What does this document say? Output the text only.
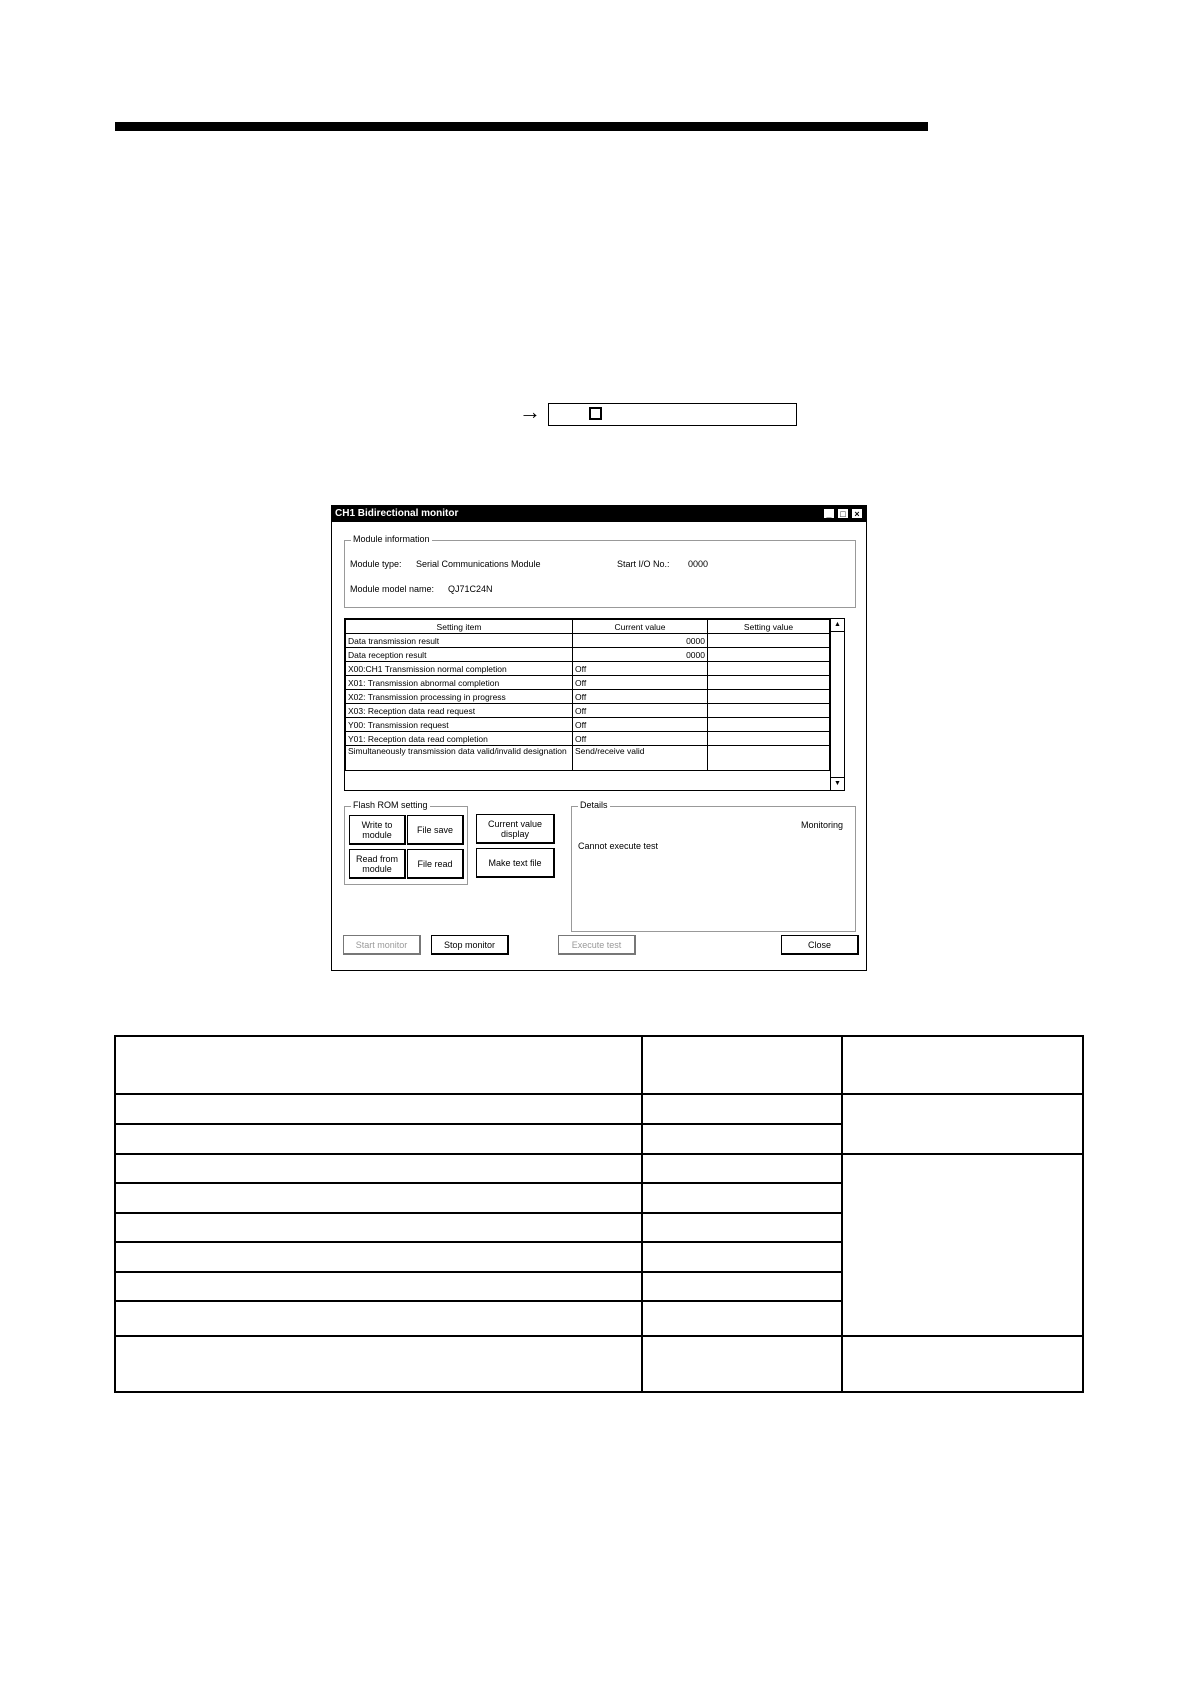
→
CH1 Bidirectional monitor	_ □ ×
Module information
Module type: Serial Communications Module	Start I/O No.: 0000
Module model name: QJ71C24N
Setting item	Current value	Setting value
Data transmission result	0000	
Data reception result	0000	
X00:CH1 Transmission normal completion	Off	
X01: Transmission abnormal completion	Off	
X02: Transmission processing in progress	Off	
X03: Reception data read request	Off	
Y00: Transmission request	Off	
Y01: Reception data read completion	Off	
Simultaneously transmission data valid/invalid designation	Send/receive valid	
▲
▼
Flash ROM setting
Write to module	File save
Read from module	File read
Current value display
Make text file
Details
Monitoring
Cannot execute test
Start monitor	Stop monitor	Execute test	Close
